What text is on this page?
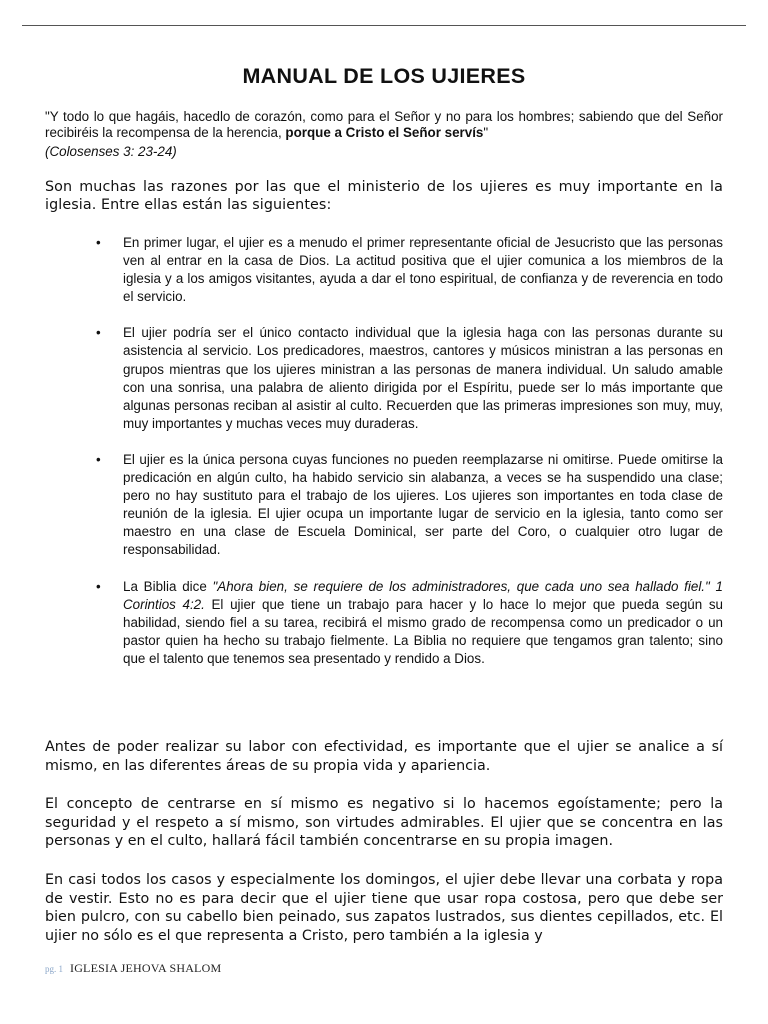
MANUAL DE LOS UJIERES

"Y todo lo que hagáis, hacedlo de corazón, como para el Señor y no para los hombres; sabiendo que del Señor recibiréis la recompensa de la herencia, porque a Cristo el Señor servís"

(Colosenses 3: 23-24)

Son muchas las razones por las que el ministerio de los ujieres es muy importante en la iglesia. Entre ellas están las siguientes:

• En primer lugar, el ujier es a menudo el primer representante oficial de Jesucristo que las personas ven al entrar en la casa de Dios. La actitud positiva que el ujier comunica a los miembros de la iglesia y a los amigos visitantes, ayuda a dar el tono espiritual, de confianza y de reverencia en todo el servicio.
• El ujier podría ser el único contacto individual que la iglesia haga con las personas durante su asistencia al servicio. Los predicadores, maestros, cantores y músicos ministran a las personas en grupos mientras que los ujieres ministran a las personas de manera individual. Un saludo amable con una sonrisa, una palabra de aliento dirigida por el Espíritu, puede ser lo más importante que algunas personas reciban al asistir al culto. Recuerden que las primeras impresiones son muy, muy, muy importantes y muchas veces muy duraderas.
• El ujier es la única persona cuyas funciones no pueden reemplazarse ni omitirse. Puede omitirse la predicación en algún culto, ha habido servicio sin alabanza, a veces se ha suspendido una clase; pero no hay sustituto para el trabajo de los ujieres. Los ujieres son importantes en toda clase de reunión de la iglesia. El ujier ocupa un importante lugar de servicio en la iglesia, tanto como ser maestro en una clase de Escuela Dominical, ser parte del Coro, o cualquier otro lugar de responsabilidad.
• La Biblia dice "Ahora bien, se requiere de los administradores, que cada uno sea hallado fiel." 1 Corintios 4:2. El ujier que tiene un trabajo para hacer y lo hace lo mejor que pueda según su habilidad, siendo fiel a su tarea, recibirá el mismo grado de recompensa como un predicador o un pastor quien ha hecho su trabajo fielmente. La Biblia no requiere que tengamos gran talento; sino que el talento que tenemos sea presentado y rendido a Dios.

Antes de poder realizar su labor con efectividad, es importante que el ujier se analice a sí mismo, en las diferentes áreas de su propia vida y apariencia.

El concepto de centrarse en sí mismo es negativo si lo hacemos egoístamente; pero la seguridad y el respeto a sí mismo, son virtudes admirables. El ujier que se concentra en las personas y en el culto, hallará fácil también concentrarse en su propia imagen.

En casi todos los casos y especialmente los domingos, el ujier debe llevar una corbata y ropa de vestir. Esto no es para decir que el ujier tiene que usar ropa costosa, pero que debe ser bien pulcro, con su cabello bien peinado, sus zapatos lustrados, sus dientes cepillados, etc. El ujier no sólo es el que representa a Cristo, pero también a la iglesia y

pg. 1 IGLESIA JEHOVA SHALOM
